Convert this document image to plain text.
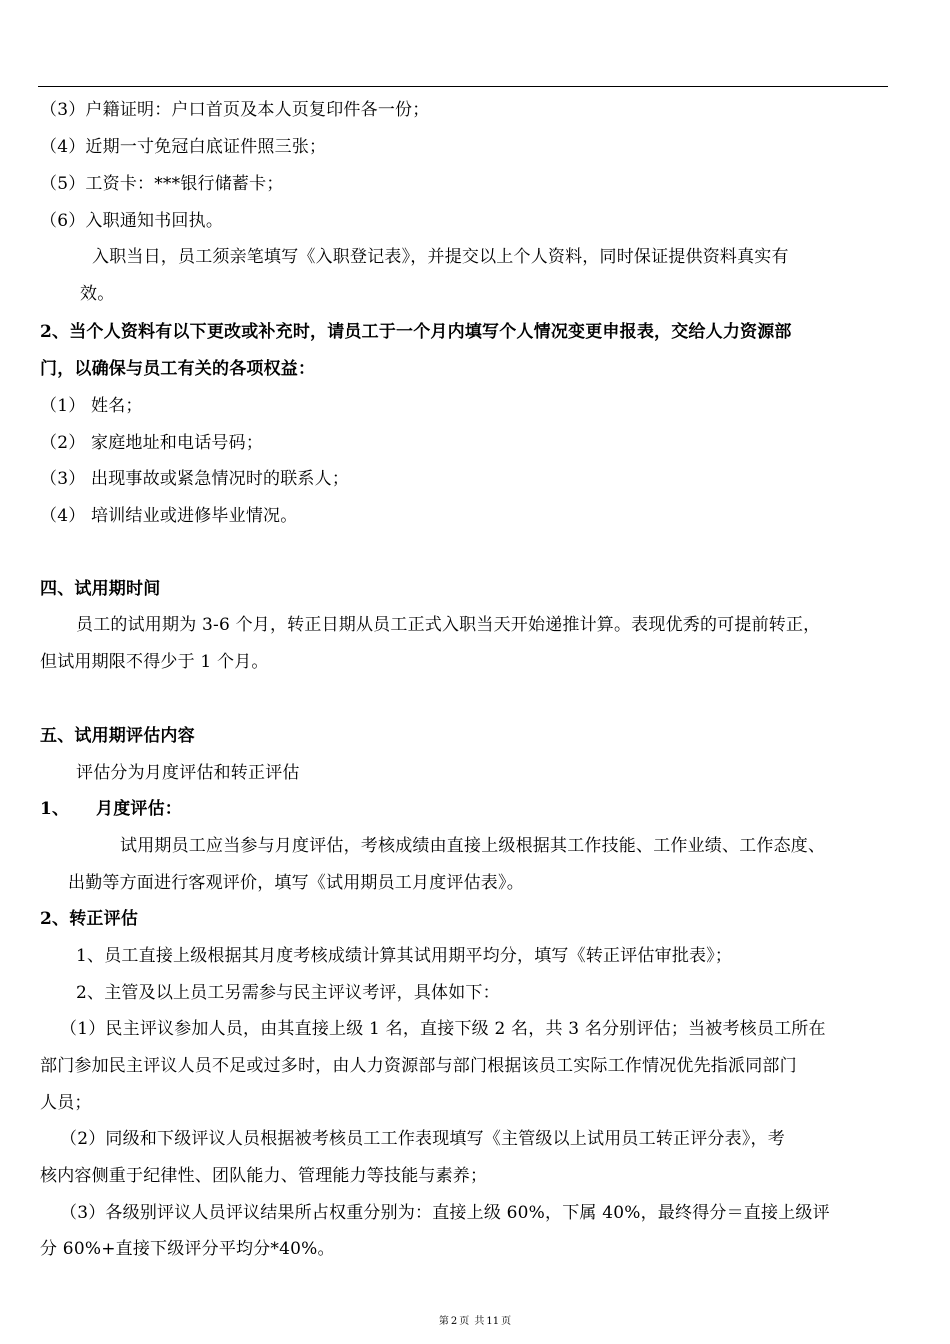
（3）户籍证明：户口首页及本人页复印件各一份；
（4）近期一寸免冠白底证件照三张；
（5）工资卡：***银行储蓄卡；
（6）入职通知书回执。
入职当日，员工须亲笔填写《入职登记表》，并提交以上个人资料，同时保证提供资料真实有
效。
2、当个人资料有以下更改或补充时，请员工于一个月内填写个人情况变更申报表，交给人力资源部
门，以确保与员工有关的各项权益：
（1） 姓名；
（2） 家庭地址和电话号码；
（3） 出现事故或紧急情况时的联系人；
（4） 培训结业或进修毕业情况。
四、试用期时间
员工的试用期为 3-6 个月，转正日期从员工正式入职当天开始递推计算。表现优秀的可提前转正，
但试用期限不得少于 1 个月。
五、试用期评估内容
评估分为月度评估和转正评估
1、 月度评估：
试用期员工应当参与月度评估，考核成绩由直接上级根据其工作技能、工作业绩、工作态度、
出勤等方面进行客观评价，填写《试用期员工月度评估表》。
2、转正评估
1、员工直接上级根据其月度考核成绩计算其试用期平均分，填写《转正评估审批表》；
2、主管及以上员工另需参与民主评议考评，具体如下：
（1）民主评议参加人员，由其直接上级 1 名，直接下级 2 名，共 3 名分别评估；当被考核员工所在
部门参加民主评议人员不足或过多时，由人力资源部与部门根据该员工实际工作情况优先指派同部门
人员；
（2）同级和下级评议人员根据被考核员工工作表现填写《主管级以上试用员工转正评分表》，考
核内容侧重于纪律性、团队能力、管理能力等技能与素养；
（3）各级别评议人员评议结果所占权重分别为：直接上级 60%，下属 40%，最终得分＝直接上级评
分 60%+直接下级评分平均分*40%。
第 2 页 共 11 页
